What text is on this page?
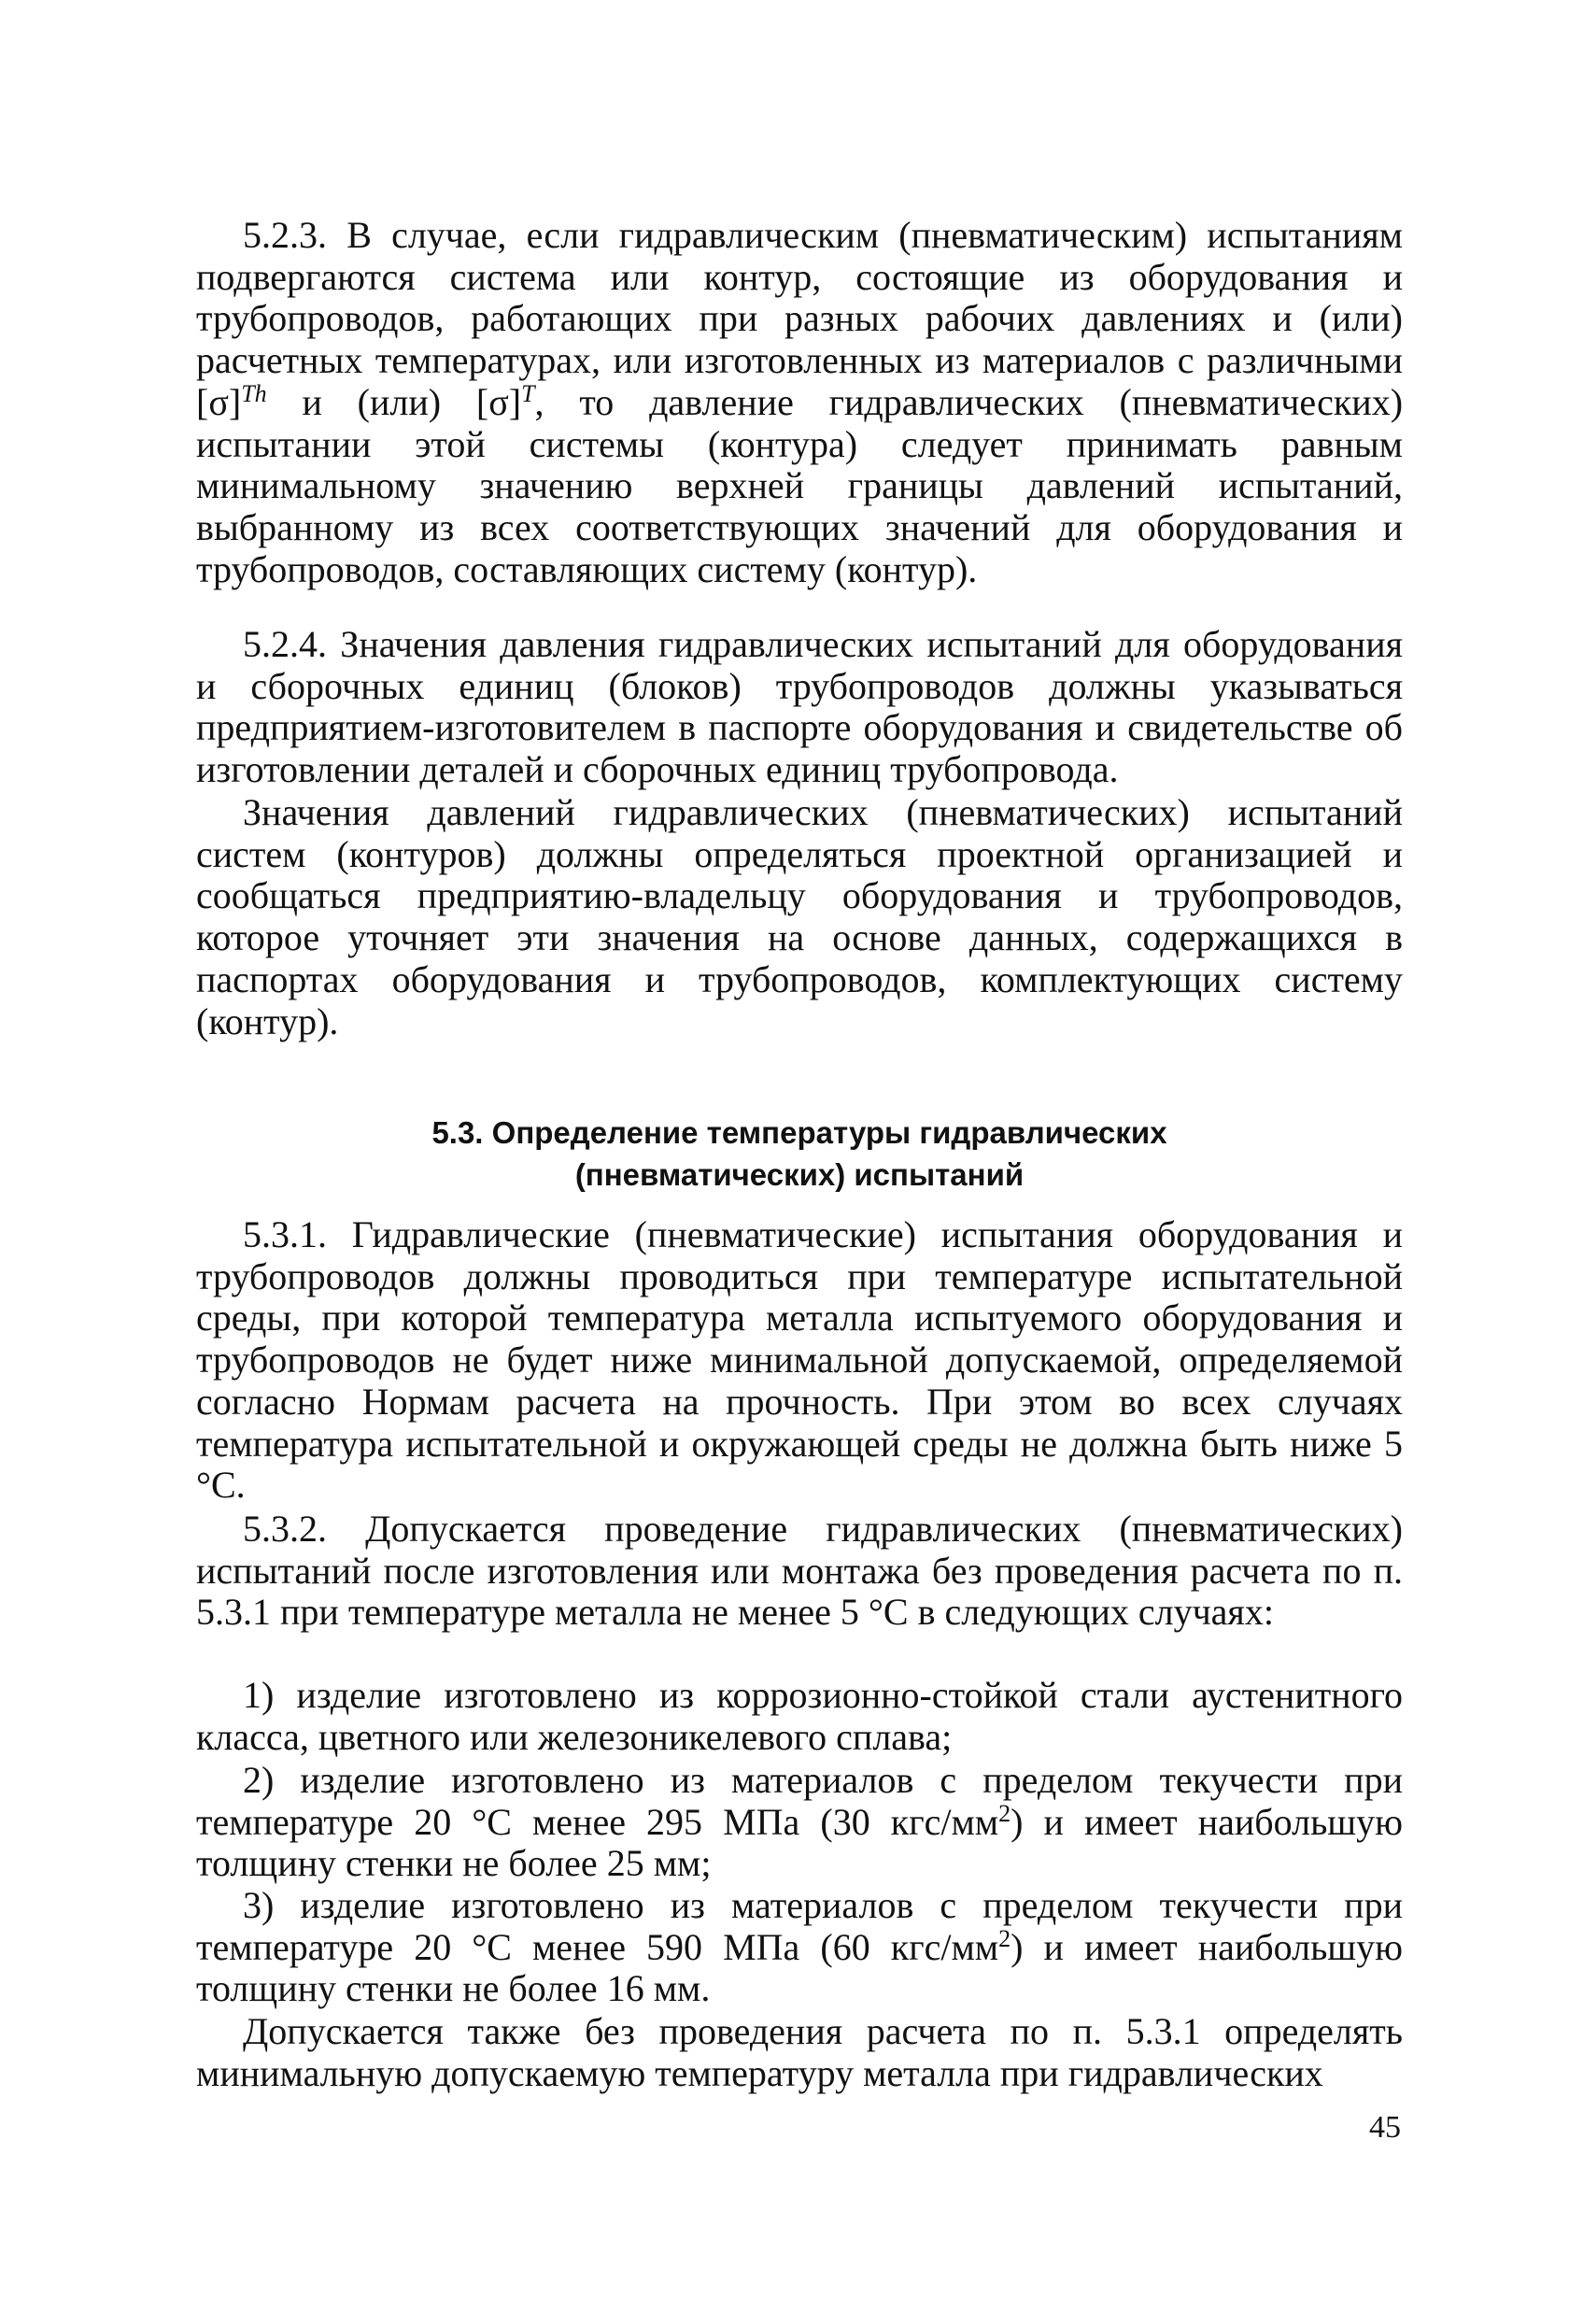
5.2.3. В случае, если гидравлическим (пневматическим) испытаниям подвергаются система или контур, состоящие из оборудования и трубопроводов, работающих при разных рабочих давлениях и (или) расчетных температурах, или изготовленных из материалов с различными $[\sigma]^{Th}$ и (или) $[\sigma]^T$, то давление гидравлических (пневматических) испытании этой системы (контура) следует принимать равным минимальному значению верхней границы давлений испытаний, выбранному из всех соответствующих значений для оборудования и трубопроводов, составляющих систему (контур).

5.2.4. Значения давления гидравлических испытаний для оборудования и сборочных единиц (блоков) трубопроводов должны указываться предприятием-изготовителем в паспорте оборудования и свидетельстве об изготовлении деталей и сборочных единиц трубопровода.

Значения давлений гидравлических (пневматических) испытаний систем (контуров) должны определяться проектной организацией и сообщаться предприятию-владельцу оборудования и трубопроводов, которое уточняет эти значения на основе данных, содержащихся в паспортах оборудования и трубопроводов, комплектующих систему (контур).

5.3. Определение температуры гидравлических
(пневматических) испытаний

5.3.1. Гидравлические (пневматические) испытания оборудования и трубопроводов должны проводиться при температуре испытательной среды, при которой температура металла испытуемого оборудования и трубопроводов не будет ниже минимальной допускаемой, определяемой согласно Нормам расчета на прочность. При этом во всех случаях температура испытательной и окружающей среды не должна быть ниже 5 °С.

5.3.2. Допускается проведение гидравлических (пневматических) испытаний после изготовления или монтажа без проведения расчета по п. 5.3.1 при температуре металла не менее 5 °С в следующих случаях:

1) изделие изготовлено из коррозионно-стойкой стали аустенитного класса, цветного или железоникелевого сплава;
2) изделие изготовлено из материалов с пределом текучести при температуре 20 °С менее 295 МПа (30 кгс/$мм^2$) и имеет наибольшую толщину стенки не более 25 мм;
3) изделие изготовлено из материалов с пределом текучести при температуре 20 °С менее 590 МПа (60 кгс/$мм^2$) и имеет наибольшую толщину стенки не более 16 мм.

Допускается также без проведения расчета по п. 5.3.1 определять минимальную допускаемую температуру металла при гидравлических

45
